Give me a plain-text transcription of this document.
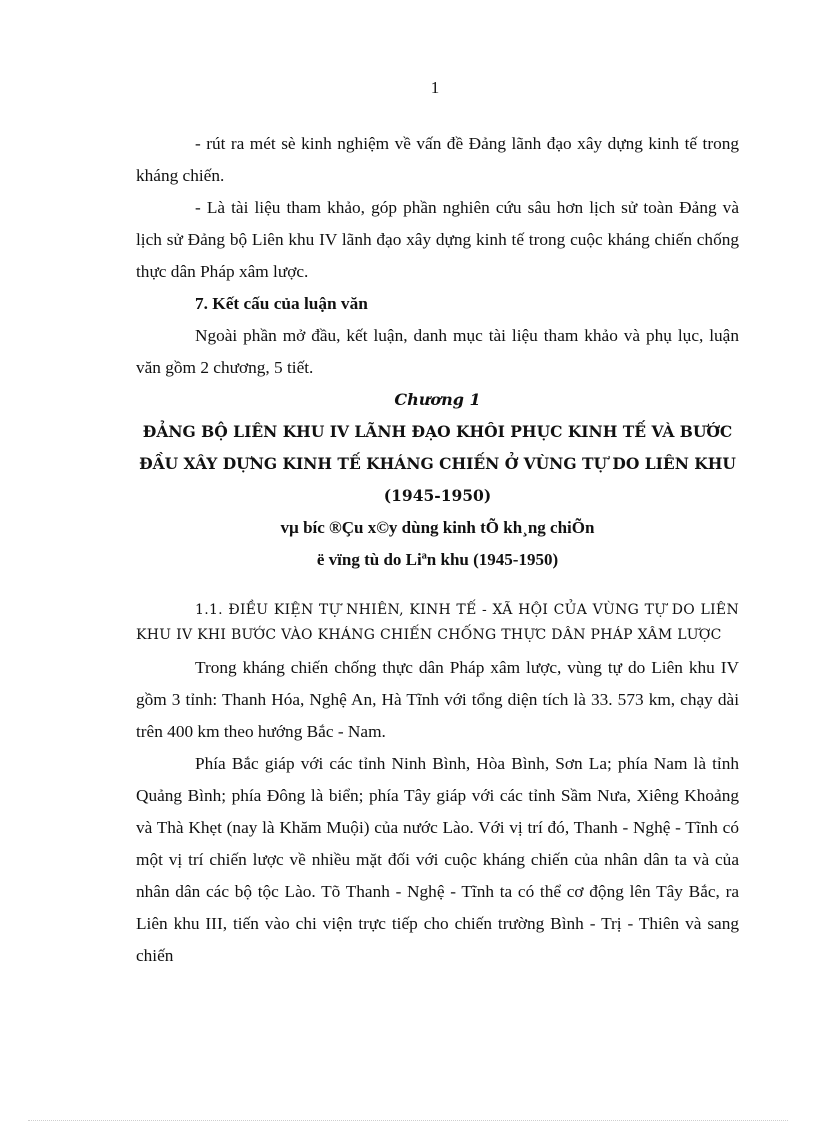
1

- rút ra mét sè kinh nghiệm về vấn đề Đảng lãnh đạo xây dựng kinh tế trong kháng chiến.

- Là tài liệu tham khảo, góp phần nghiên cứu sâu hơn lịch sử toàn Đảng và lịch sử Đảng bộ Liên khu IV lãnh đạo xây dựng kinh tế trong cuộc kháng chiến chống thực dân Pháp xâm lược.

7. Kết cấu của luận văn

Ngoài phần mở đầu, kết luận, danh mục tài liệu tham khảo và phụ lục, luận văn gồm 2 chương, 5 tiết.

Chương 1

ĐẢNG BỘ LIÊN KHU IV LÃNH ĐẠO KHÔI PHỤC KINH TẾ VÀ BƯỚC ĐẦU XÂY DỰNG KINH TẾ KHÁNG CHIẾN Ở VÙNG TỰ DO LIÊN KHU (1945-1950)

vµ bíc ®Çu x©y dùng kinh tÕ kh¸ng chiÕn

ë vïng tù do Liªn khu (1945-1950)

1.1. ĐIỀU KIỆN TỰ NHIÊN, KINH TẾ - XÃ HỘI CỦA VÙNG TỰ DO LIÊN KHU IV KHI BƯỚC VÀO KHÁNG CHIẾN CHỐNG THỰC DÂN PHÁP XÂM LƯỢC

Trong kháng chiến chống thực dân Pháp xâm lược, vùng tự do Liên khu IV gồm 3 tỉnh: Thanh Hóa, Nghệ An, Hà Tĩnh với tổng diện tích là 33. 573 km, chạy dài trên 400 km theo hướng Bắc - Nam.

Phía Bắc giáp với các tỉnh Ninh Bình, Hòa Bình, Sơn La; phía Nam là tỉnh Quảng Bình; phía Đông là biển; phía Tây giáp với các tỉnh Sầm Nưa, Xiêng Khoảng và Thà Khẹt (nay là Khăm Muội) của nước Lào. Với vị trí đó, Thanh - Nghệ - Tĩnh có một vị trí chiến lược về nhiều mặt đối với cuộc kháng chiến của nhân dân ta và của nhân dân các bộ tộc Lào. Tõ Thanh - Nghệ - Tĩnh ta có thể cơ động lên Tây Bắc, ra Liên khu III, tiến vào chi viện trực tiếp cho chiến trường Bình - Trị - Thiên và sang chiến
